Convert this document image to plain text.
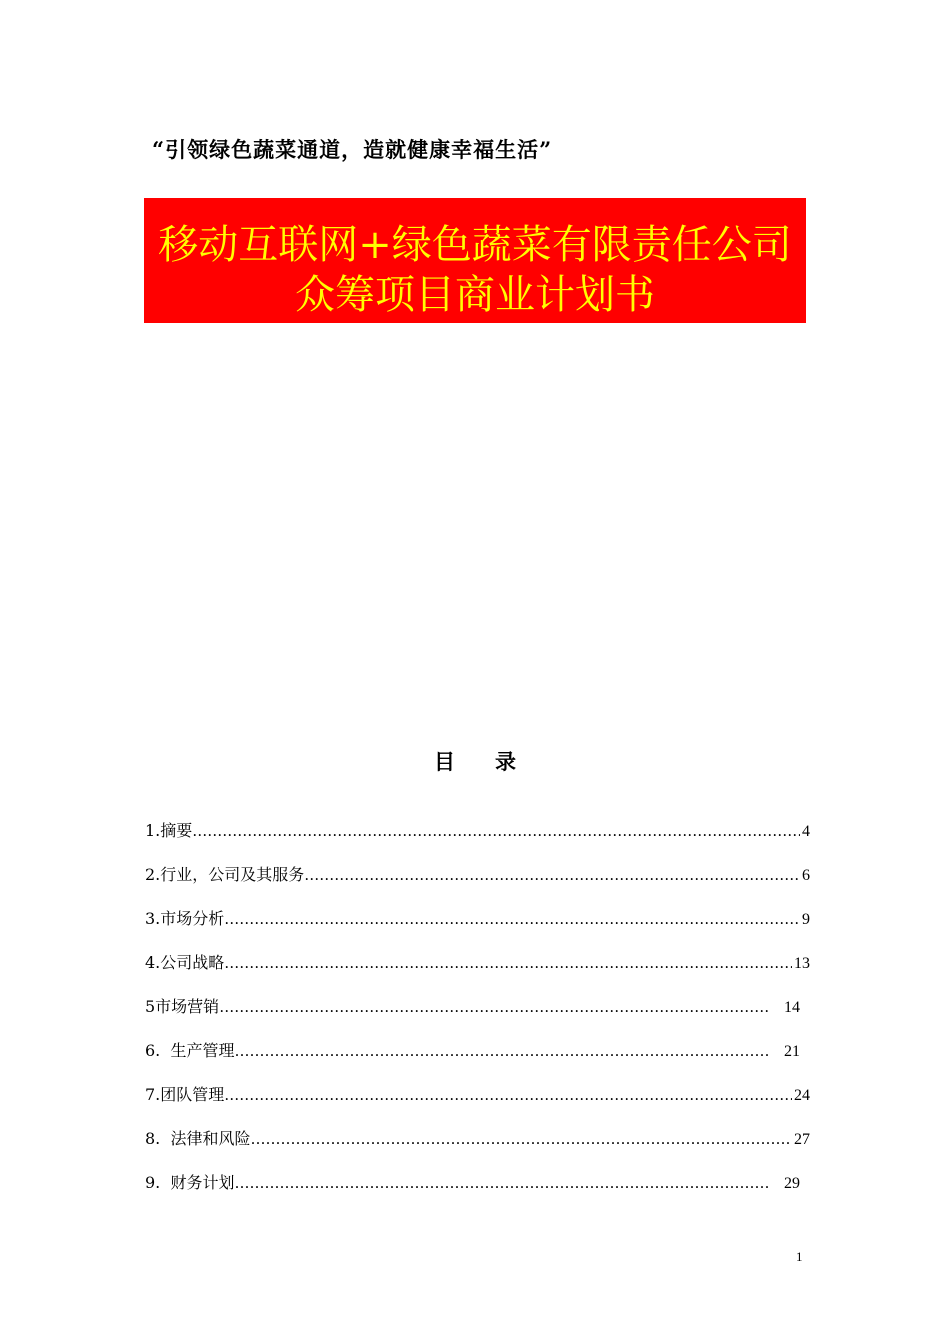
“引领绿色蔬菜通道，造就健康幸福生活”
移动互联网+绿色蔬菜有限责任公司
众筹项目商业计划书
目录
1.摘要 ……………………………………………………………………………………………………………………………………………………	4
2.行业，公司及其服务 ……………………………………………………………………………………………………………………………………………………	6
3.市场分析 ……………………………………………………………………………………………………………………………………………………	9
4.公司战略 ……………………………………………………………………………………………………………………………………………………	13
5市场营销 ……………………………………………………………………………………………………………………………………………………	14
6.  生产管理 ……………………………………………………………………………………………………………………………………………………	21
7.团队管理 ……………………………………………………………………………………………………………………………………………………	24
8.  法律和风险 ……………………………………………………………………………………………………………………………………………………	27
9.  财务计划 ……………………………………………………………………………………………………………………………………………………	29
1
